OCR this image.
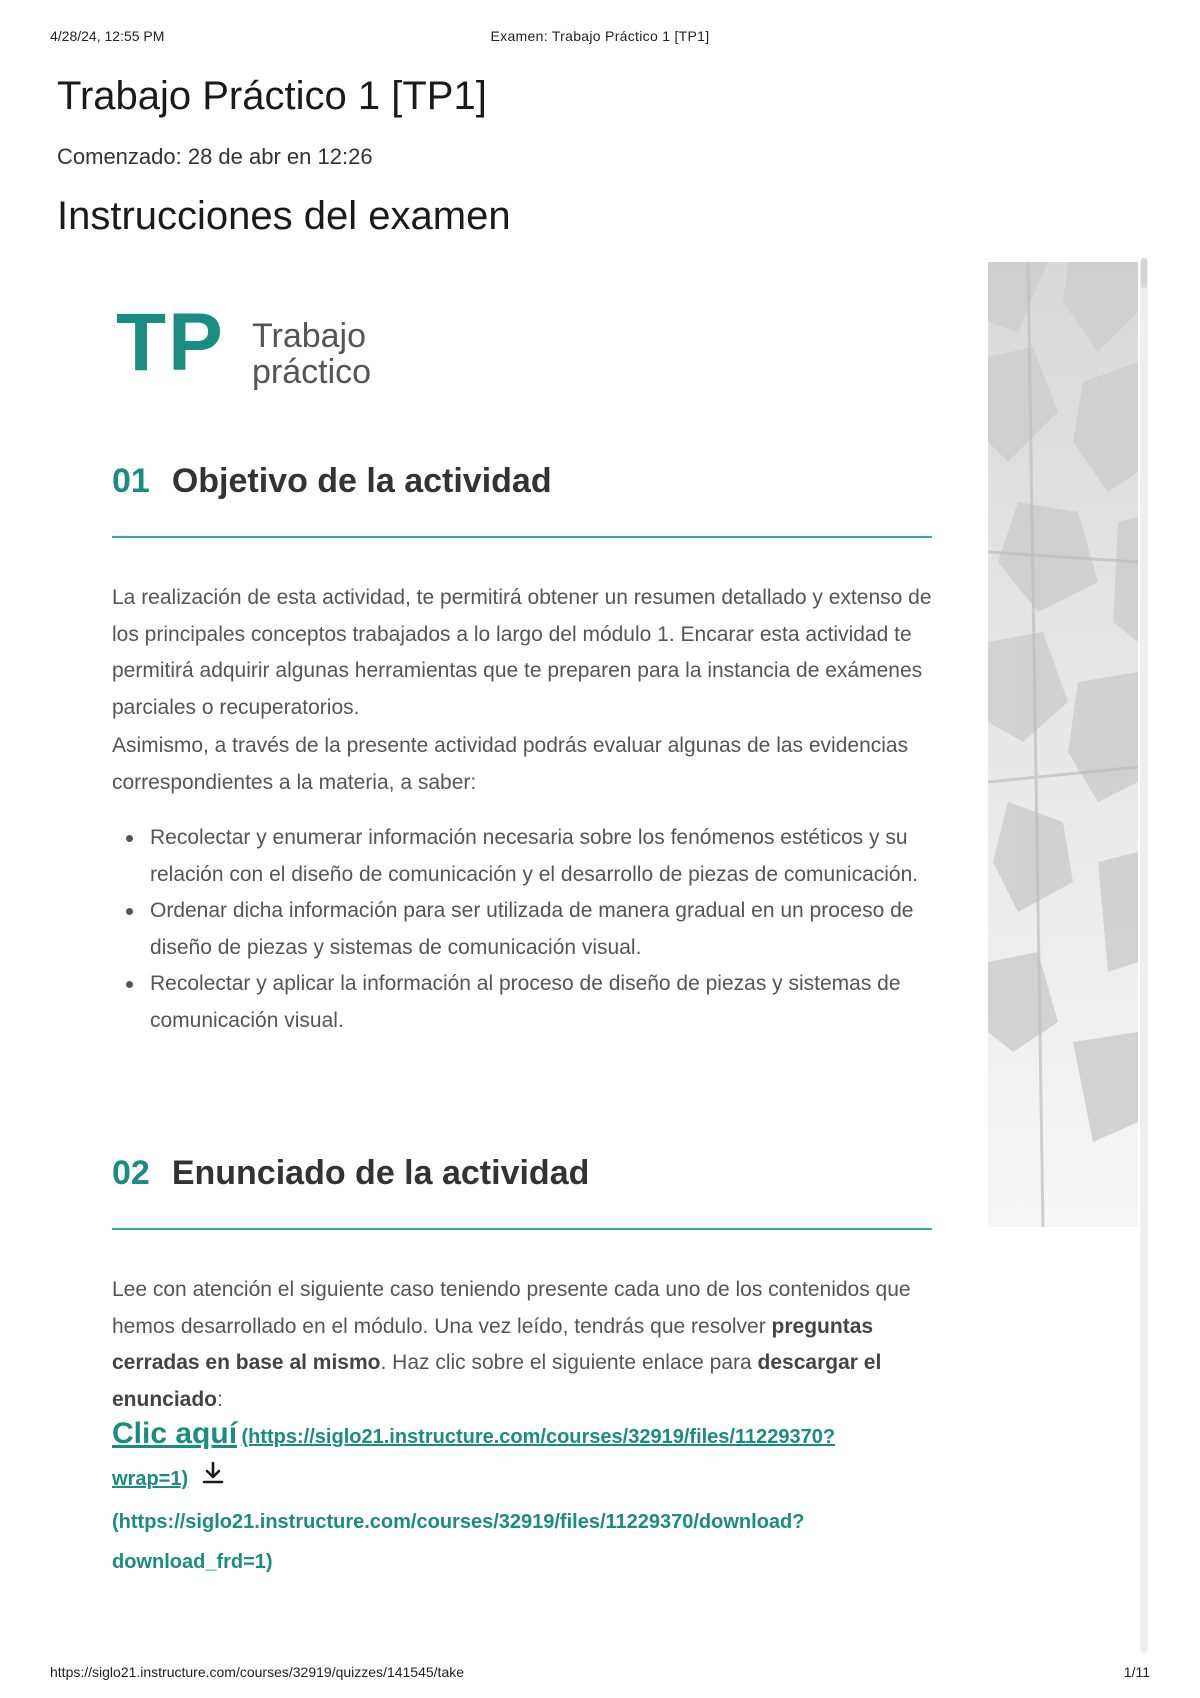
4/28/24, 12:55 PM	Examen: Trabajo Práctico 1 [TP1]
Trabajo Práctico 1 [TP1]
Comenzado: 28 de abr en 12:26
Instrucciones del examen
TP Trabajo
práctico
01 Objetivo de la actividad

La realización de esta actividad, te permitirá obtener un resumen detallado y extenso de los principales conceptos trabajados a lo largo del módulo 1. Encarar esta actividad te permitirá adquirir algunas herramientas que te preparen para la instancia de exámenes parciales o recuperatorios.

Asimismo, a través de la presente actividad podrás evaluar algunas de las evidencias correspondientes a la materia, a saber:

Recolectar y enumerar información necesaria sobre los fenómenos estéticos y su relación con el diseño de comunicación y el desarrollo de piezas de comunicación.
Ordenar dicha información para ser utilizada de manera gradual en un proceso de diseño de piezas y sistemas de comunicación visual.
Recolectar y aplicar la información al proceso de diseño de piezas y sistemas de comunicación visual.
02 Enunciado de la actividad

Lee con atención el siguiente caso teniendo presente cada uno de los contenidos que hemos desarrollado en el módulo. Una vez leído, tendrás que resolver preguntas cerradas en base al mismo. Haz clic sobre el siguiente enlace para descargar el enunciado:

Clic aquí (https://siglo21.instructure.com/courses/32919/files/11229370?
wrap=1)
(https://siglo21.instructure.com/courses/32919/files/11229370/download?
download_frd=1)
https://siglo21.instructure.com/courses/32919/quizzes/141545/take	1/11
